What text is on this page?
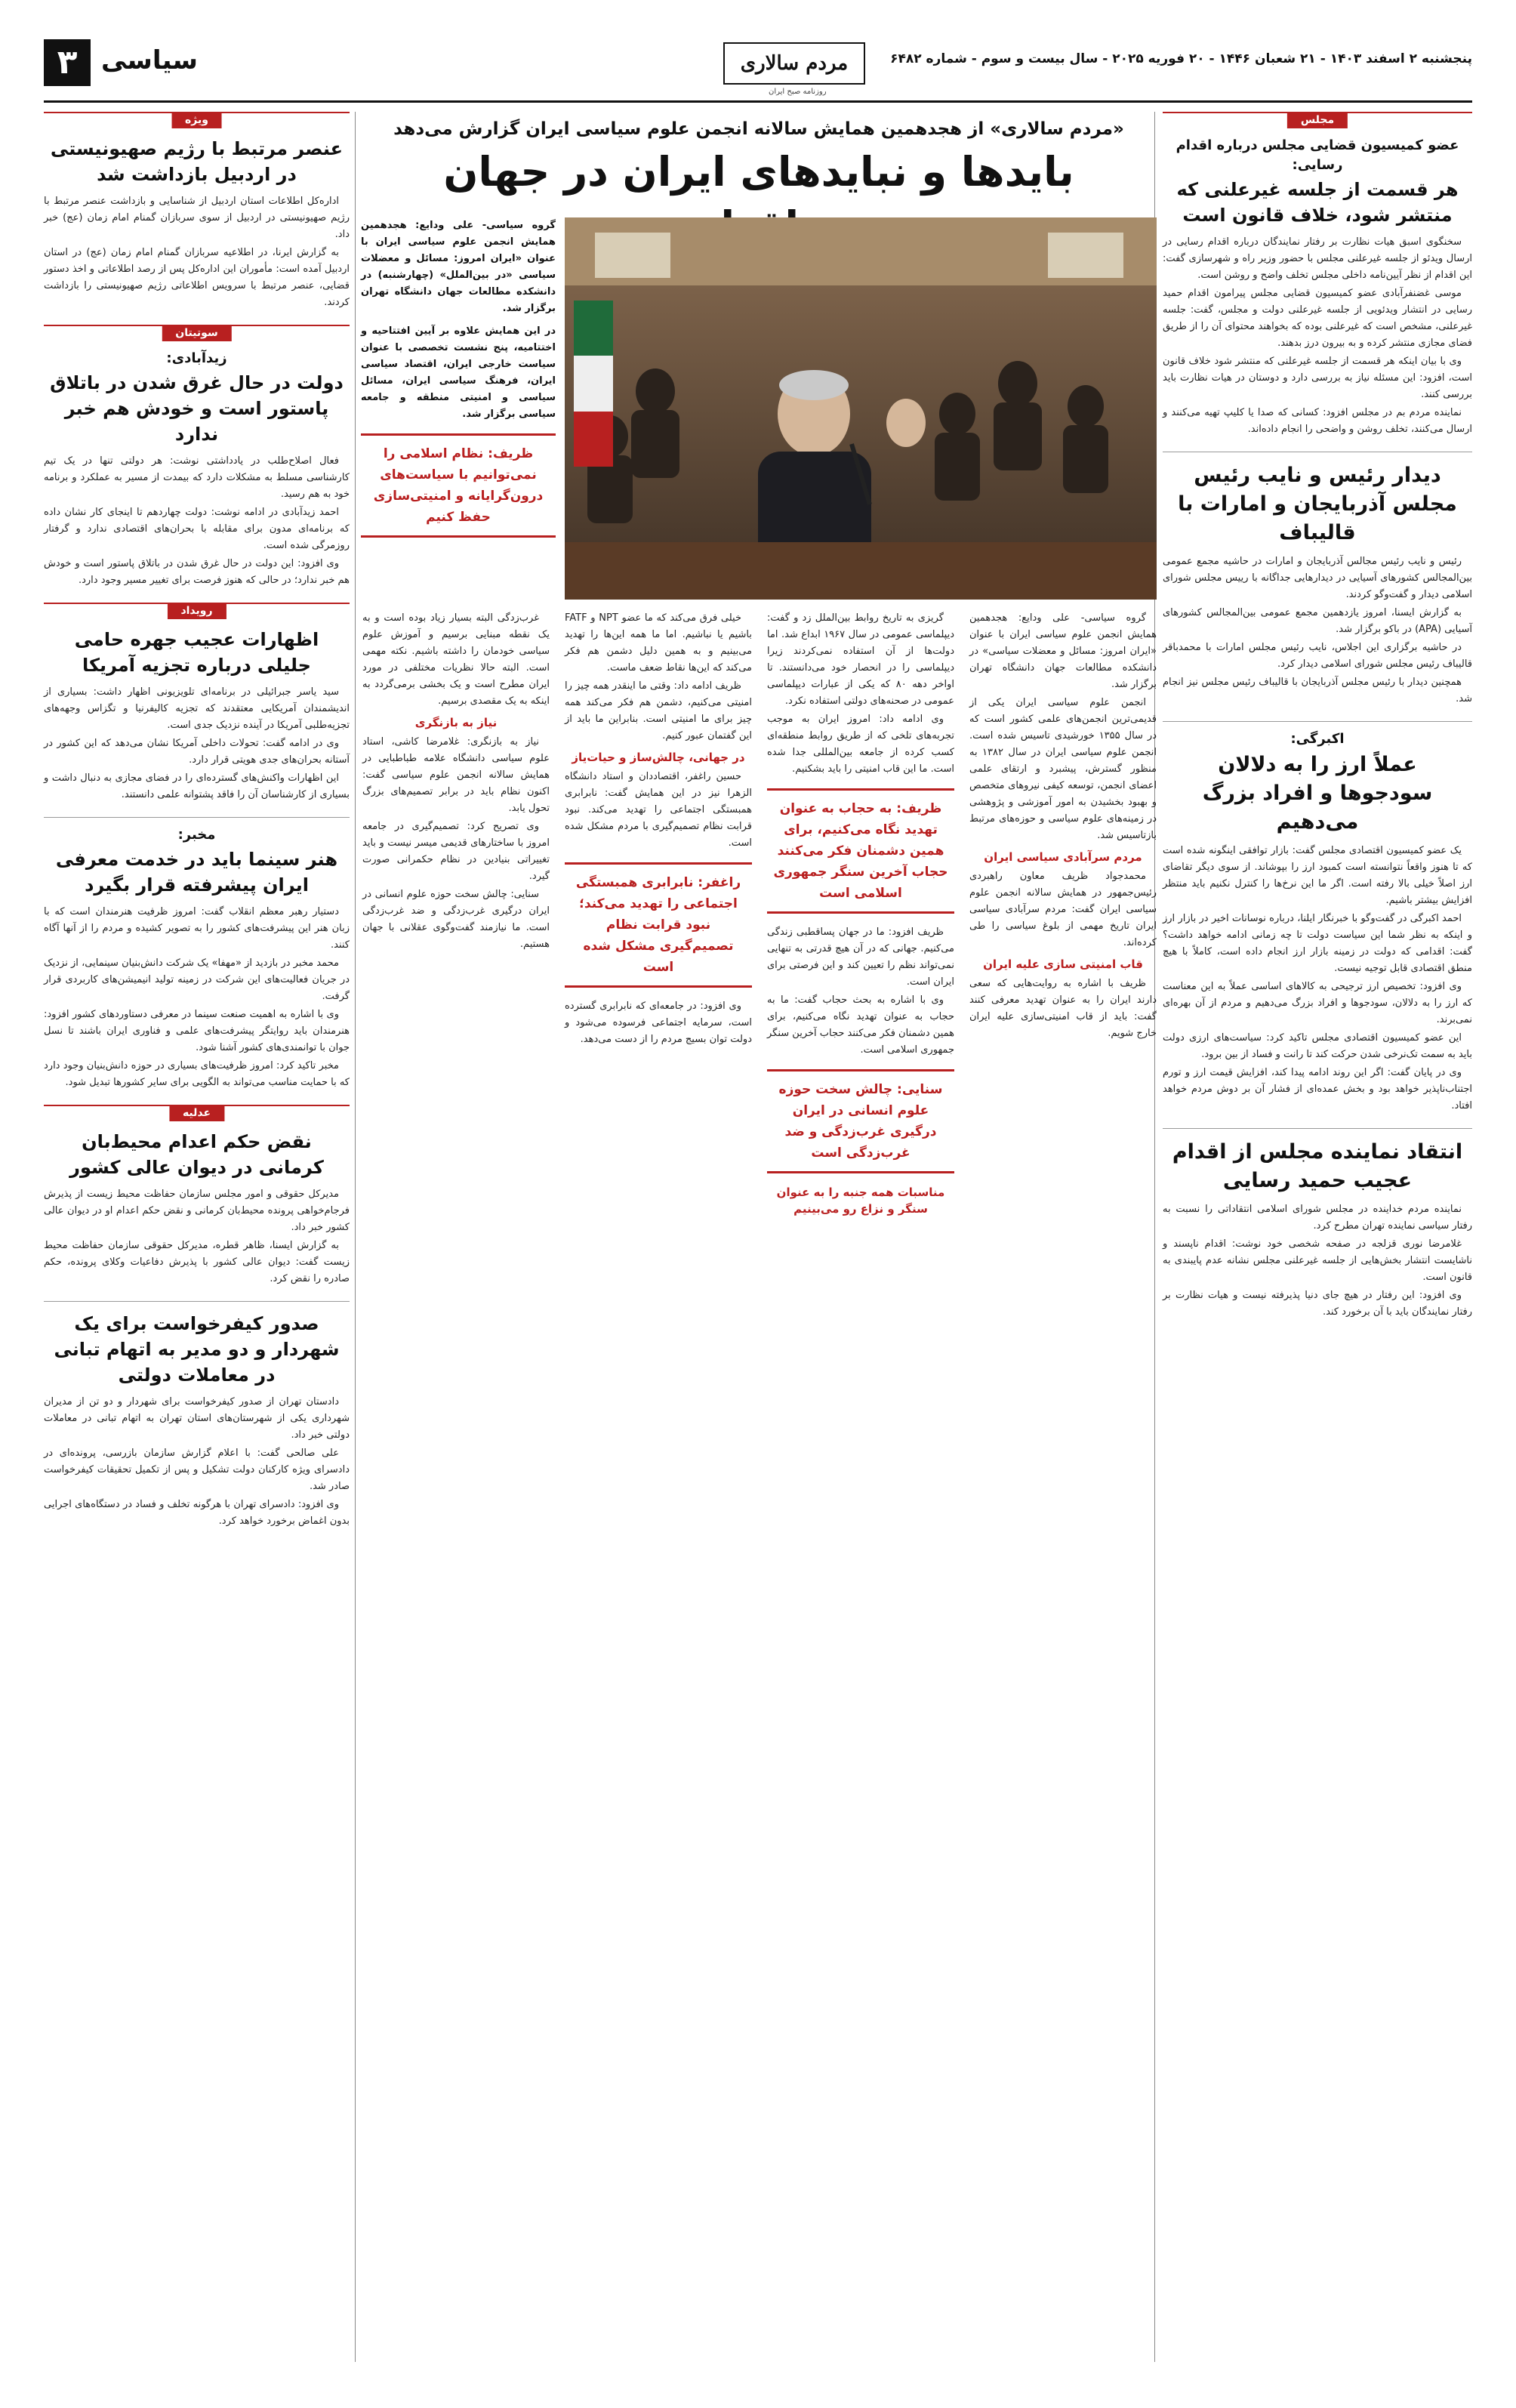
پنجشنبه ۲ اسفند ۱۴۰۳ - ۲۱ شعبان ۱۴۴۶ - ۲۰ فوریه ۲۰۲۵ - سال بیست و سوم - شماره ۶۴۸۲
مردم سالاری
روزنامه صبح ایران
سیاسی
۳
مجلس
عضو کمیسیون قضایی مجلس درباره اقدام رسایی:
هر قسمت از جلسه غیرعلنی که منتشر شود، خلاف قانون است

سخنگوی اسبق هیات نظارت بر رفتار نمایندگان درباره اقدام رسایی در ارسال ویدئو از جلسه غیرعلنی مجلس با حضور وزیر راه و شهرسازی گفت: این اقدام از نظر آیین‌نامه داخلی مجلس تخلف واضح و روشن است.

موسی غضنفرآبادی عضو کمیسیون قضایی مجلس پیرامون اقدام حمید رسایی در انتشار ویدئویی از جلسه غیرعلنی دولت و مجلس، گفت: جلسه غیرعلنی، مشخص است که غیرعلنی بوده که بخواهند محتوای آن را از طریق فضای مجازی منتشر کرده و به بیرون درز بدهند.

وی با بیان اینکه هر قسمت از جلسه غیرعلنی که منتشر شود خلاف قانون است، افزود: این مسئله نیاز به بررسی دارد و دوستان در هیات نظارت باید بررسی کنند.

نماینده مردم بم در مجلس افزود: کسانی که صدا یا کلیپ تهیه می‌کنند و ارسال می‌کنند، تخلف روشن و واضحی را انجام داده‌اند.

دیدار رئیس و نایب رئیس مجلس آذربایجان و امارات با قالیباف

رئیس و نایب رئیس مجالس آذربایجان و امارات در حاشیه مجمع عمومی بین‌المجالس کشورهای آسیایی در دیدارهایی جداگانه با رییس مجلس شورای اسلامی دیدار و گفت‌وگو کردند.

به گزارش ایسنا، امروز یازدهمین مجمع عمومی بین‌المجالس کشورهای آسیایی (APA) در باکو برگزار شد.

در حاشیه برگزاری این اجلاس، نایب رئیس مجلس امارات با محمدباقر قالیباف رئیس مجلس شورای اسلامی دیدار کرد.

همچنین دیدار با رئیس مجلس آذربایجان با قالیباف رئیس مجلس نیز انجام شد.

اکبرگی:
عملاً ارز را به دلالان سودجوها و افراد بزرگ می‌دهیم

یک عضو کمیسیون اقتصادی مجلس گفت: بازار توافقی اینگونه شده است که تا هنوز واقعاً نتوانسته است کمبود ارز را بپوشاند. از سوی دیگر تقاضای ارز اصلاً خیلی بالا رفته است. اگر ما این نرخ‌ها را کنترل نکنیم باید منتظر افزایش بیشتر باشیم.

احمد اکبرگی در گفت‌وگو با خبرنگار ایلنا، درباره نوسانات اخیر در بازار ارز و اینکه به نظر شما این سیاست دولت تا چه زمانی ادامه خواهد داشت؟ گفت: اقدامی که دولت در زمینه بازار ارز انجام داده است، کاملاً با هیچ منطق اقتصادی قابل توجیه نیست.

وی افزود: تخصیص ارز ترجیحی به کالاهای اساسی عملاً به این معناست که ارز را به دلالان، سودجوها و افراد بزرگ می‌دهیم و مردم از آن بهره‌ای نمی‌برند.

این عضو کمیسیون اقتصادی مجلس تاکید کرد: سیاست‌های ارزی دولت باید به سمت تک‌نرخی شدن حرکت کند تا رانت و فساد از بین برود.

وی در پایان گفت: اگر این روند ادامه پیدا کند، افزایش قیمت ارز و تورم اجتناب‌ناپذیر خواهد بود و بخش عمده‌ای از فشار آن بر دوش مردم خواهد افتاد.

انتقاد نماینده مجلس از اقدام عجیب حمید رسایی

نماینده مردم خداینده در مجلس شورای اسلامی انتقاداتی را نسبت به رفتار سیاسی نماینده تهران مطرح کرد.

غلامرضا نوری قزلجه در صفحه شخصی خود نوشت: اقدام ناپسند و ناشایست انتشار بخش‌هایی از جلسه غیرعلنی مجلس نشانه عدم پایبندی به قانون است.

وی افزود: این رفتار در هیچ جای دنیا پذیرفته نیست و هیات نظارت بر رفتار نمایندگان باید با آن برخورد کند.

«مردم سالاری» از هجدهمین همایش سالانه انجمن علوم سیاسی ایران گزارش می‌دهد
بایدها و نبایدهای ایران در جهان

گروه سیاسی- علی ودایع: هجدهمین همایش انجمن علوم سیاسی ایران با عنوان «ایران امروز: مسائل و معضلات سیاسی «در بین‌الملل» (چهارشنبه) در دانشکده مطالعات جهان دانشگاه تهران برگزار شد.

در این همایش علاوه بر آیین افتتاحیه و اختتامیه، پنج نشست تخصصی با عنوان سیاست خارجی ایران، اقتصاد سیاسی ایران، فرهنگ سیاسی ایران، مسائل سیاسی و امنیتی منطقه و جامعه سیاسی برگزار شد.

ظریف: نظام اسلامی را نمی‌توانیم با سیاست‌های درون‌گرایانه و امنیتی‌سازی حفظ کنیم

گروه سیاسی- علی ودایع: هجدهمین همایش انجمن علوم سیاسی ایران با عنوان «ایران امروز: مسائل و معضلات سیاسی» در دانشکده مطالعات جهان دانشگاه تهران برگزار شد.

انجمن علوم سیاسی ایران یکی از قدیمی‌ترین انجمن‌های علمی کشور است که در سال ۱۳۵۵ خورشیدی تاسیس شده است. انجمن علوم سیاسی ایران در سال ۱۳۸۲ به منظور گسترش، پیشبرد و ارتقای علمی اعضای انجمن، توسعه کیفی نیروهای متخصص و بهبود بخشیدن به امور آموزشی و پژوهشی در زمینه‌های علوم سیاسی و حوزه‌های مرتبط بازتاسیس شد.

مردم سرآبادی سیاسی ایران

محمدجواد ظریف معاون راهبردی رئیس‌جمهور در همایش سالانه انجمن علوم سیاسی ایران گفت: مردم سرآبادی سیاسی ایران تاریخ مهمی از بلوغ سیاسی را طی کرده‌اند.

قاب امنیتی سازی علیه ایران

ظریف با اشاره به روایت‌هایی که سعی دارند ایران را به عنوان تهدید معرفی کنند گفت: باید از قاب امنیتی‌سازی علیه ایران خارج شویم.

گریزی به تاریخ روابط بین‌الملل زد و گفت: دیپلماسی عمومی در سال ۱۹۶۷ ابداع شد. اما دولت‌ها از آن استفاده نمی‌کردند زیرا دیپلماسی را در انحصار خود می‌دانستند. تا اواخر دهه ۸۰ که یکی از عبارات دیپلماسی عمومی در صحنه‌های دولتی استفاده نکرد.

وی ادامه داد: امروز ایران به موجب تجربه‌های تلخی که از طریق روابط منطقه‌ای کسب کرده از جامعه بین‌المللی جدا شده است. ما این قاب امنیتی را باید بشکنیم.

ظریف: به حجاب به عنوان تهدید نگاه می‌کنیم، برای همین دشمنان فکر می‌کنند حجاب آخرین سنگر جمهوری اسلامی است

ظریف افزود: ما در جهان پساقطبی زندگی می‌کنیم. جهانی که در آن هیچ قدرتی به تنهایی نمی‌تواند نظم را تعیین کند و این فرصتی برای ایران است.

وی با اشاره به بحث حجاب گفت: ما به حجاب به عنوان تهدید نگاه می‌کنیم، برای همین دشمنان فکر می‌کنند حجاب آخرین سنگر جمهوری اسلامی است.

سنایی: چالش سخت حوزه علوم انسانی در ایران درگیری غرب‌زدگی و ضد غرب‌زدگی است
مناسبات همه جنبه را به عنوان سنگر و نزاع رو می‌بینیم

خیلی فرق می‌کند که ما عضو NPT و FATF باشیم یا نباشیم. اما ما همه این‌ها را تهدید می‌بینیم و به همین دلیل دشمن هم فکر می‌کند که این‌ها نقاط ضعف ماست.

ظریف ادامه داد: وقتی ما اینقدر همه چیز را امنیتی می‌کنیم، دشمن هم فکر می‌کند همه چیز برای ما امنیتی است. بنابراین ما باید از این گفتمان عبور کنیم.

در جهانی، چالش‌ساز و حیات‌یاز

حسین راغفر، اقتصاددان و استاد دانشگاه الزهرا نیز در این همایش گفت: نابرابری همبستگی اجتماعی را تهدید می‌کند. نبود قرابت نظام تصمیم‌گیری با مردم مشکل شده است.

راغفر: نابرابری همبستگی اجتماعی را تهدید می‌کند؛ نبود قرابت نظام تصمیم‌گیری مشکل شده است

وی افزود: در جامعه‌ای که نابرابری گسترده است، سرمایه اجتماعی فرسوده می‌شود و دولت توان بسیج مردم را از دست می‌دهد.

غرب‌زدگی البته بسیار زیاد بوده است و به یک نقطه مبنایی برسیم و آموزش علوم سیاسی خودمان را داشته باشیم. نکته مهمی است. البته حالا نظریات مختلفی در مورد ایران مطرح است و یک بخشی برمی‌گردد به اینکه به یک مقصدی برسیم.

نیاز به بازنگری

نیاز به بازنگری: غلامرضا کاشی، استاد علوم سیاسی دانشگاه علامه طباطبایی در همایش سالانه انجمن علوم سیاسی گفت: اکنون نظام باید در برابر تصمیم‌های بزرگ تحول یابد.

وی تصریح کرد: تصمیم‌گیری در جامعه امروز با ساختارهای قدیمی میسر نیست و باید تغییراتی بنیادین در نظام حکمرانی صورت گیرد.

سنایی: چالش سخت حوزه علوم انسانی در ایران درگیری غرب‌زدگی و ضد غرب‌زدگی است. ما نیازمند گفت‌وگوی عقلانی با جهان هستیم.

ویژه
عنصر مرتبط با رژیم صهیونیستی در اردبیل بازداشت شد

اداره‌کل اطلاعات استان اردبیل از شناسایی و بازداشت عنصر مرتبط با رژیم صهیونیستی در اردبیل از سوی سربازان گمنام امام زمان (عج) خبر داد.

به گزارش ایرنا، در اطلاعیه سربازان گمنام امام زمان (عج) در استان اردبیل آمده است: مأموران این اداره‌کل پس از رصد اطلاعاتی و اخذ دستور قضایی، عنصر مرتبط با سرویس اطلاعاتی رژیم صهیونیستی را بازداشت کردند.

سوتیتان
زیدآبادی:
دولت در حال غرق شدن در باتلاق پاستور است و خودش هم خبر ندارد

فعال اصلاح‌طلب در یادداشتی نوشت: هر دولتی تنها در یک تیم کارشناسی مسلط به مشکلات دارد که بیمدت از مسیر به عملکرد و برنامه خود به هم رسید.

احمد زیدآبادی در ادامه نوشت: دولت چهاردهم تا اینجای کار نشان داده که برنامه‌ای مدون برای مقابله با بحران‌های اقتصادی ندارد و گرفتار روزمرگی شده است.

وی افزود: این دولت در حال غرق شدن در باتلاق پاستور است و خودش هم خبر ندارد؛ در حالی که هنوز فرصت برای تغییر مسیر وجود دارد.

رویداد
اظهارات عجیب جهره حامی جلیلی درباره تجزیه آمریکا

سید یاسر جبرائیلی در برنامه‌ای تلویزیونی اظهار داشت: بسیاری از اندیشمندان آمریکایی معتقدند که تجزیه کالیفرنیا و تگزاس وجهه‌های تجزیه‌طلبی آمریکا در آینده نزدیک جدی است.

وی در ادامه گفت: تحولات داخلی آمریکا نشان می‌دهد که این کشور در آستانه بحران‌های جدی هویتی قرار دارد.

این اظهارات واکنش‌های گسترده‌ای را در فضای مجازی به دنبال داشت و بسیاری از کارشناسان آن را فاقد پشتوانه علمی دانستند.

مخبر:
هنر سینما باید در خدمت معرفی ایران پیشرفته قرار بگیرد

دستیار رهبر معظم انقلاب گفت: امروز ظرفیت هنرمندان است که با زبان هنر این پیشرفت‌های کشور را به تصویر کشیده و مردم را از آنها آگاه کنند.

محمد مخبر در بازدید از «مهفا» یک شرکت دانش‌بنیان سینمایی، از نزدیک در جریان فعالیت‌های این شرکت در زمینه تولید انیمیشن‌های کاربردی قرار گرفت.

وی با اشاره به اهمیت صنعت سینما در معرفی دستاوردهای کشور افزود: هنرمندان باید روایتگر پیشرفت‌های علمی و فناوری ایران باشند تا نسل جوان با توانمندی‌های کشور آشنا شود.

مخبر تاکید کرد: امروز ظرفیت‌های بسیاری در حوزه دانش‌بنیان وجود دارد که با حمایت مناسب می‌تواند به الگویی برای سایر کشورها تبدیل شود.

عدلیه
نقض حکم اعدام محیط‌بان کرمانی در دیوان عالی کشور

مدیرکل حقوقی و امور مجلس سازمان حفاظت محیط زیست از پذیرش فرجام‌خواهی پرونده محیط‌بان کرمانی و نقض حکم اعدام او در دیوان عالی کشور خبر داد.

به گزارش ایسنا، ظاهر قطره، مدیرکل حقوقی سازمان حفاظت محیط زیست گفت: دیوان عالی کشور با پذیرش دفاعیات وکلای پرونده، حکم صادره را نقض کرد.

صدور کیفرخواست برای یک شهردار و دو مدیر به اتهام تبانی در معاملات دولتی

دادستان تهران از صدور کیفرخواست برای شهردار و دو تن از مدیران شهرداری یکی از شهرستان‌های استان تهران به اتهام تبانی در معاملات دولتی خبر داد.

علی صالحی گفت: با اعلام گزارش سازمان بازرسی، پرونده‌ای در دادسرای ویژه کارکنان دولت تشکیل و پس از تکمیل تحقیقات کیفرخواست صادر شد.

وی افزود: دادسرای تهران با هرگونه تخلف و فساد در دستگاه‌های اجرایی بدون اغماض برخورد خواهد کرد.
